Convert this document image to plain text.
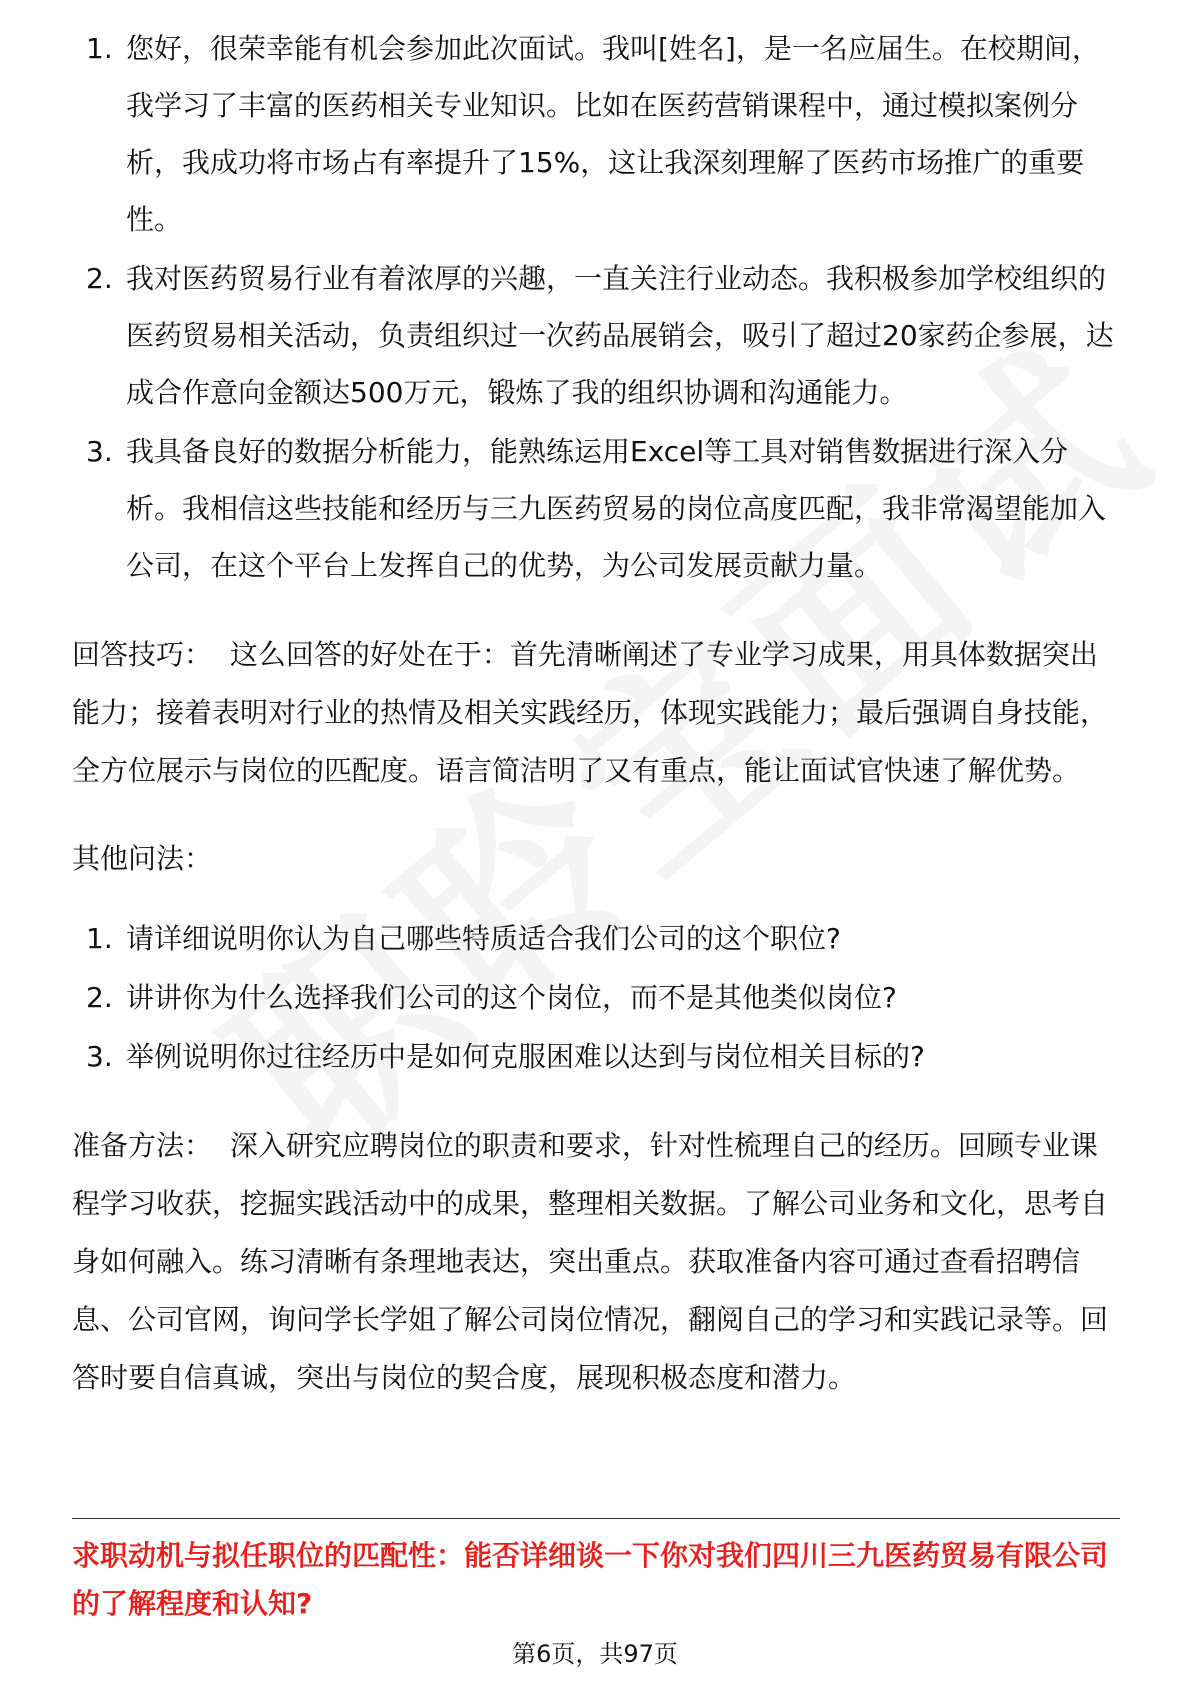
1. 您好，很荣幸能有机会参加此次面试。我叫[姓名]，是一名应届生。在校期间，我学习了丰富的医药相关专业知识。比如在医药营销课程中，通过模拟案例分析，我成功将市场占有率提升了15%，这让我深刻理解了医药市场推广的重要性。
2. 我对医药贸易行业有着浓厚的兴趣，一直关注行业动态。我积极参加学校组织的医药贸易相关活动，负责组织过一次药品展销会，吸引了超过20家药企参展，达成合作意向金额达500万元，锻炼了我的组织协调和沟通能力。
3. 我具备良好的数据分析能力，能熟练运用Excel等工具对销售数据进行深入分析。我相信这些技能和经历与三九医药贸易的岗位高度匹配，我非常渴望能加入公司，在这个平台上发挥自己的优势，为公司发展贡献力量。

回答技巧： 这么回答的好处在于：首先清晰阐述了专业学习成果，用具体数据突出能力；接着表明对行业的热情及相关实践经历，体现实践能力；最后强调自身技能，全方位展示与岗位的匹配度。语言简洁明了又有重点，能让面试官快速了解优势。

其他问法：

1. 请详细说明你认为自己哪些特质适合我们公司的这个职位?
2. 讲讲你为什么选择我们公司的这个岗位，而不是其他类似岗位?
3. 举例说明你过往经历中是如何克服困难以达到与岗位相关目标的?

准备方法： 深入研究应聘岗位的职责和要求，针对性梳理自己的经历。回顾专业课程学习收获，挖掘实践活动中的成果，整理相关数据。了解公司业务和文化，思考自身如何融入。练习清晰有条理地表达，突出重点。获取准备内容可通过查看招聘信息、公司官网，询问学长学姐了解公司岗位情况，翻阅自己的学习和实践记录等。回答时要自信真诚，突出与岗位的契合度，展现积极态度和潜力。

求职动机与拟任职位的匹配性：能否详细谈一下你对我们四川三九医药贸易有限公司的了解程度和认知?

第6页，共97页
